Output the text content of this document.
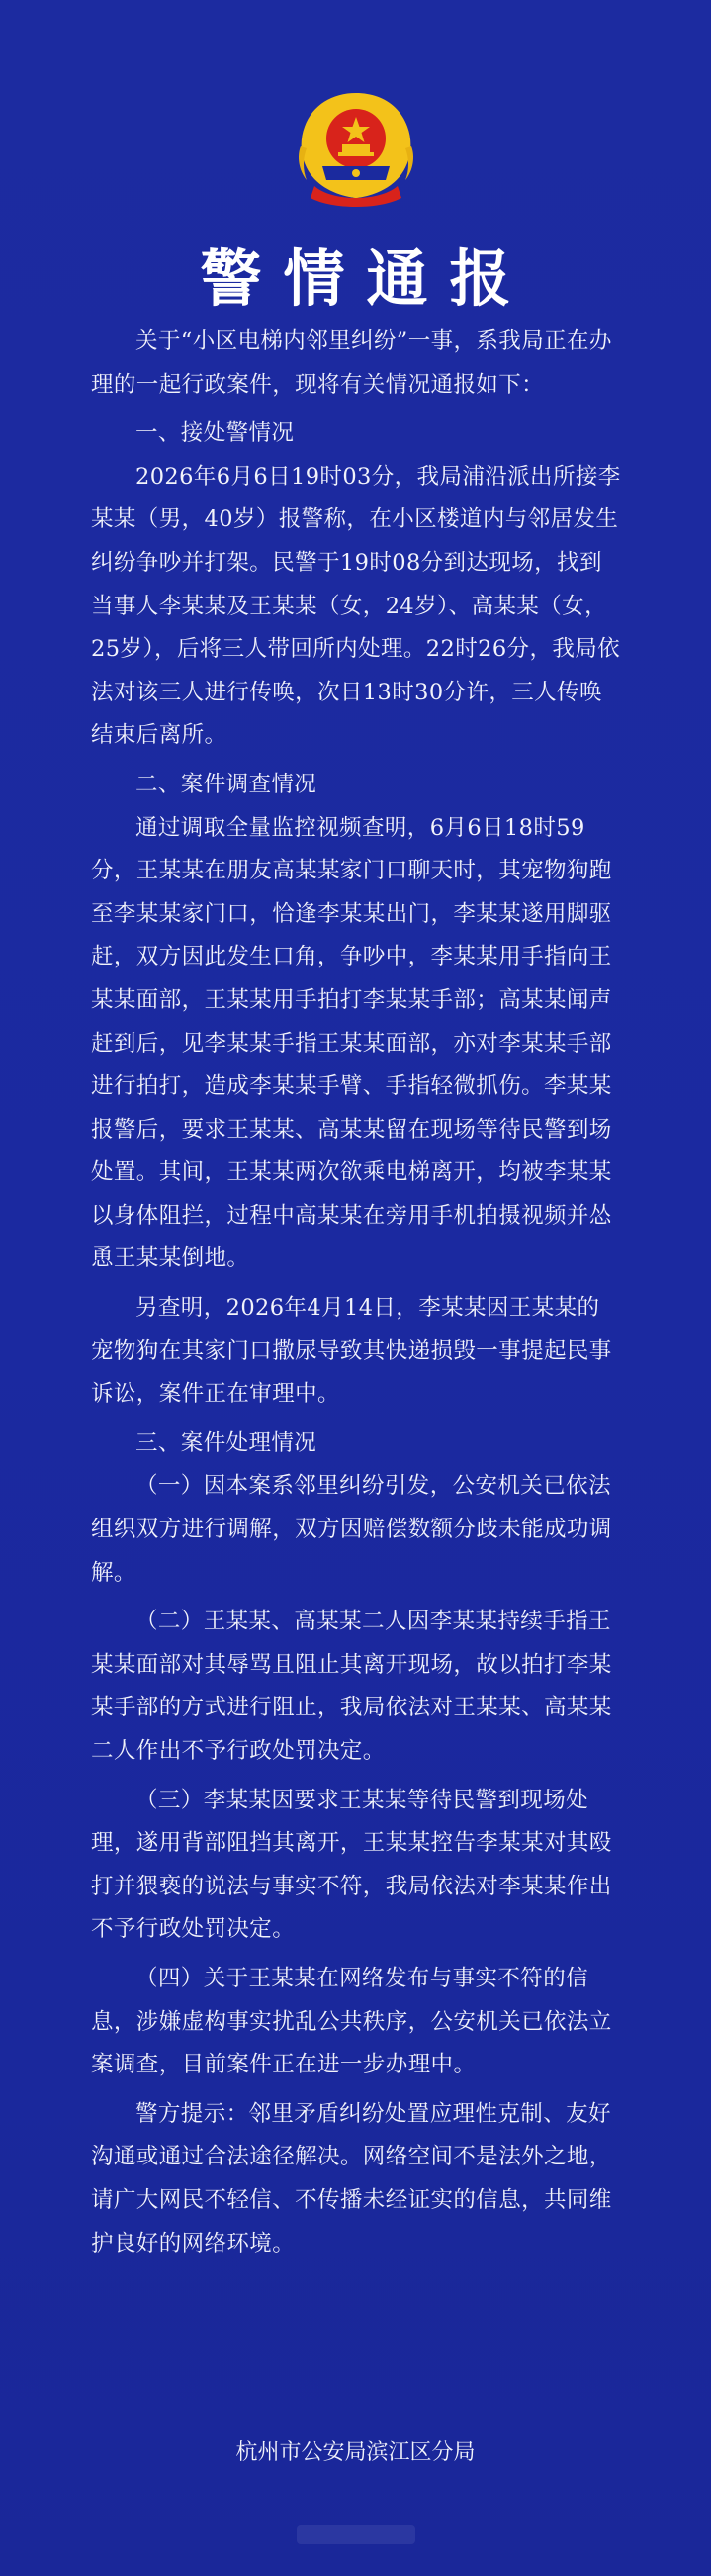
警情通报

关于“小区电梯内邻里纠纷”一事，系我局正在办理的一起行政案件，现将有关情况通报如下：

一、接处警情况

2026年6月6日19时03分，我局浦沿派出所接李某某（男，40岁）报警称，在小区楼道内与邻居发生纠纷争吵并打架。民警于19时08分到达现场，找到当事人李某某及王某某（女，24岁）、高某某（女，25岁），后将三人带回所内处理。22时26分，我局依法对该三人进行传唤，次日13时30分许，三人传唤结束后离所。

二、案件调查情况

通过调取全量监控视频查明，6月6日18时59分，王某某在朋友高某某家门口聊天时，其宠物狗跑至李某某家门口，恰逢李某某出门，李某某遂用脚驱赶，双方因此发生口角，争吵中，李某某用手指向王某某面部，王某某用手拍打李某某手部；高某某闻声赶到后，见李某某手指王某某面部，亦对李某某手部进行拍打，造成李某某手臂、手指轻微抓伤。李某某报警后，要求王某某、高某某留在现场等待民警到场处置。其间，王某某两次欲乘电梯离开，均被李某某以身体阻拦，过程中高某某在旁用手机拍摄视频并怂恿王某某倒地。

另查明，2026年4月14日，李某某因王某某的宠物狗在其家门口撒尿导致其快递损毁一事提起民事诉讼，案件正在审理中。

三、案件处理情况

（一）因本案系邻里纠纷引发，公安机关已依法组织双方进行调解，双方因赔偿数额分歧未能成功调解。

（二）王某某、高某某二人因李某某持续手指王某某面部对其辱骂且阻止其离开现场，故以拍打李某某手部的方式进行阻止，我局依法对王某某、高某某二人作出不予行政处罚决定。

（三）李某某因要求王某某等待民警到现场处理，遂用背部阻挡其离开，王某某控告李某某对其殴打并猥亵的说法与事实不符，我局依法对李某某作出不予行政处罚决定。

（四）关于王某某在网络发布与事实不符的信息，涉嫌虚构事实扰乱公共秩序，公安机关已依法立案调查，目前案件正在进一步办理中。

警方提示：邻里矛盾纠纷处置应理性克制、友好沟通或通过合法途径解决。网络空间不是法外之地，请广大网民不轻信、不传播未经证实的信息，共同维护良好的网络环境。

杭州市公安局滨江区分局
